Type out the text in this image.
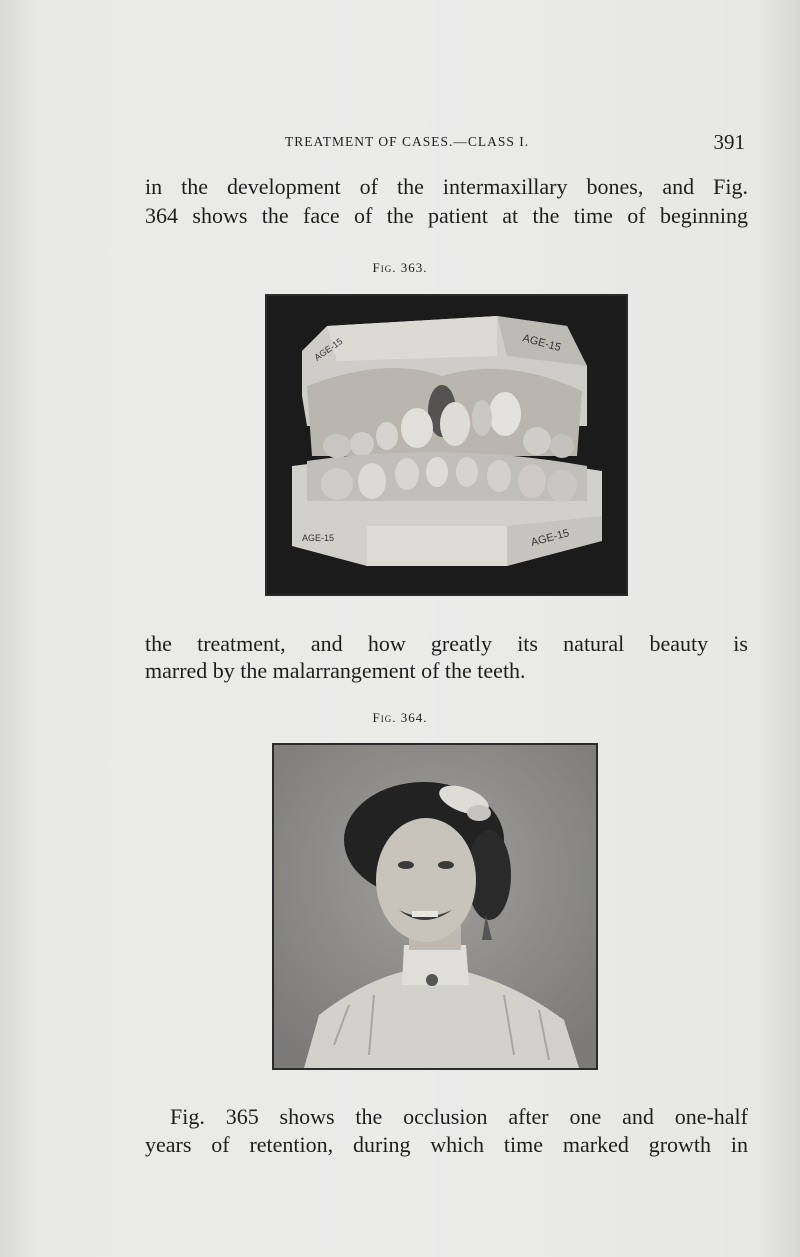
TREATMENT OF CASES.—CLASS I.	391

in the development of the intermaxillary bones, and Fig.

364 shows the face of the patient at the time of beginning

Fig. 363.
AGE-15	AGE-15
AGE-15	AGE-15

the treatment, and how greatly its natural beauty is

marred by the malarrangement of the teeth.

Fig. 364.

Fig. 365 shows the occlusion after one and one-half

years of retention, during which time marked growth in
